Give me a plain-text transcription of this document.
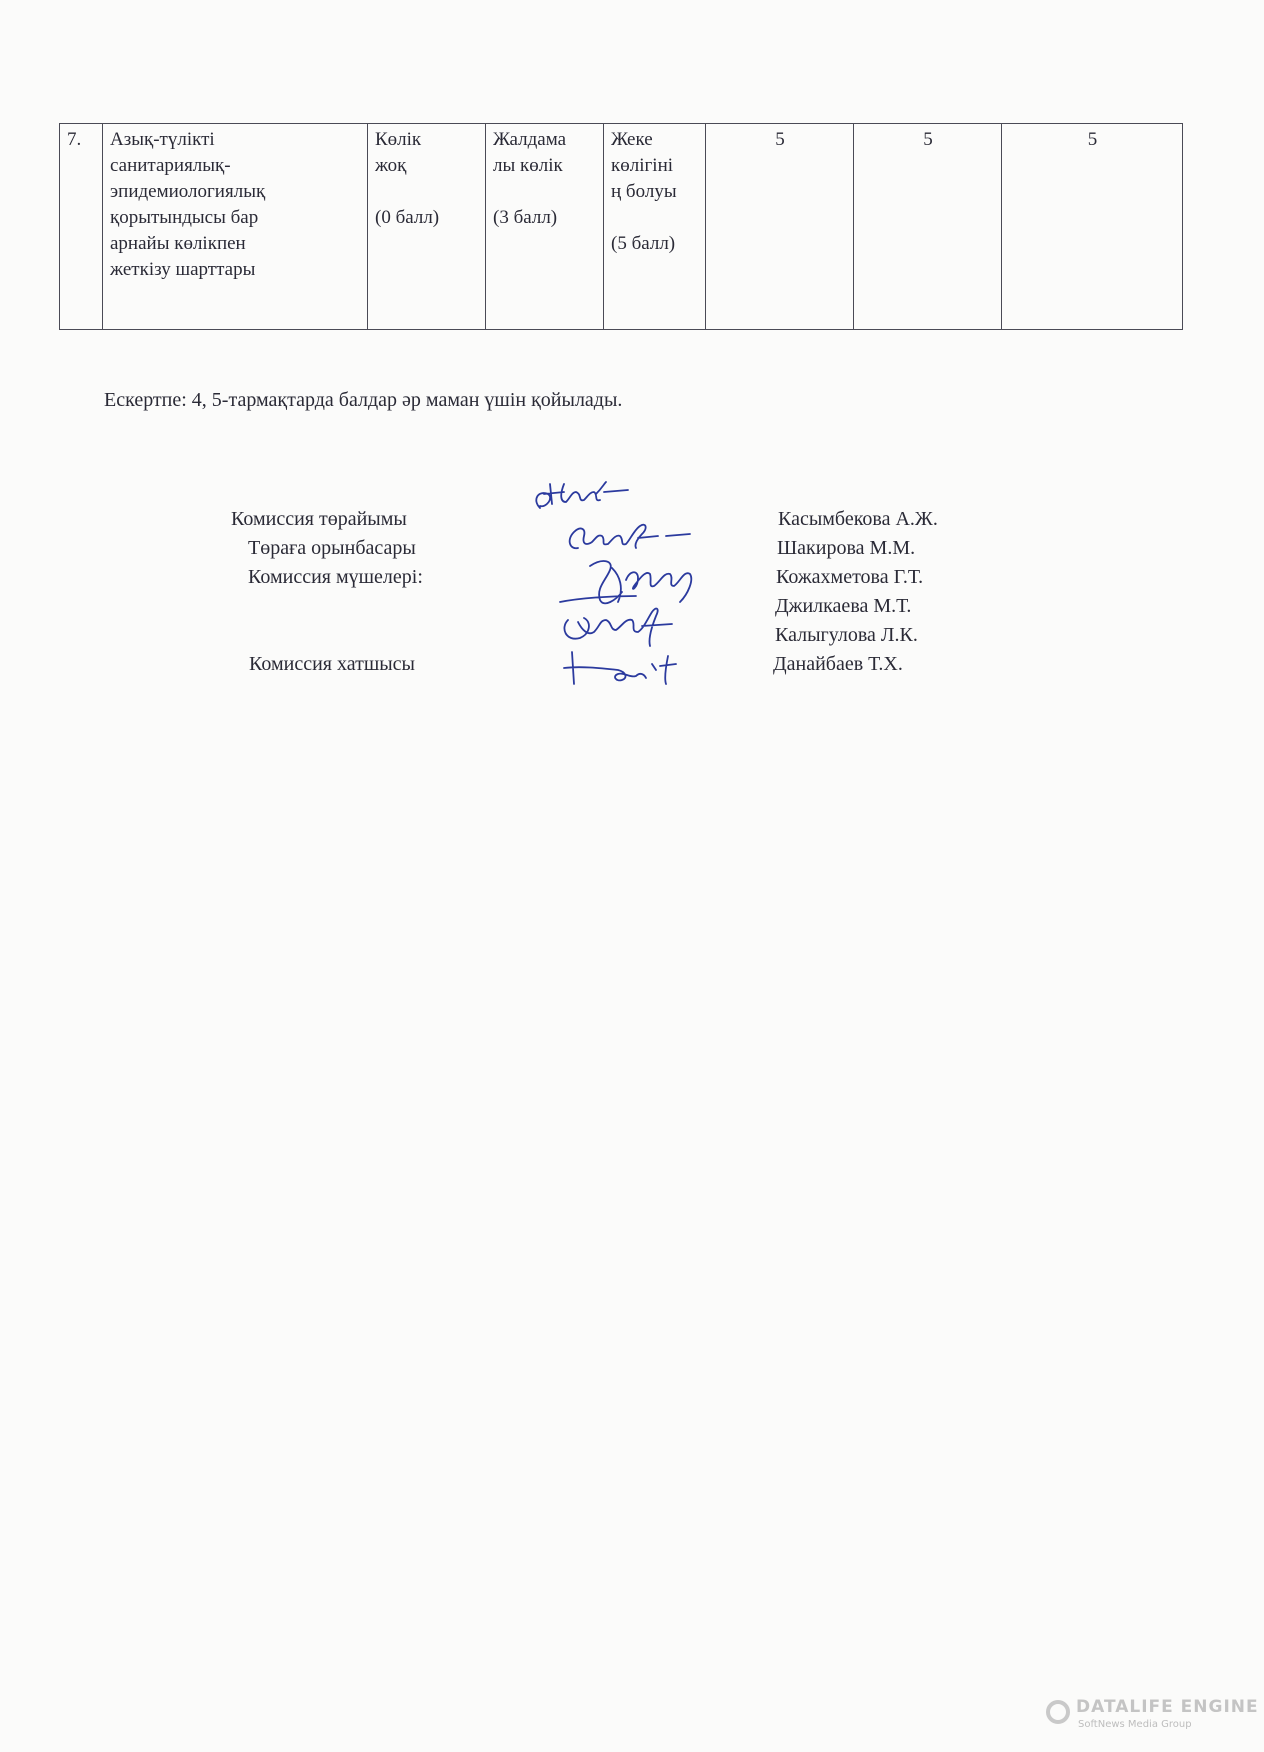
7.	Азық-түлікті
санитариялық-
эпидемиологиялық
қорытындысы бар
арнайы көлікпен
жеткізу шарттары	Көлік
жоқ

(0 балл)	Жалдама
лы көлік

(3 балл)	Жеке
көлігіні
ң болуы

(5 балл)	5	5	5
Ескертпе: 4, 5-тармақтарда балдар әр маман үшін қойылады.
Комиссия төрайымы	Касымбекова А.Ж.
Төраға орынбасары	Шакирова М.М.
Комиссия мүшелері:	Кожахметова Г.Т.
Джилкаева М.Т.
Калыгулова Л.К.
Комиссия хатшысы	Данайбаев Т.Х.
DATALIFE ENGINE
SoftNews Media Group
